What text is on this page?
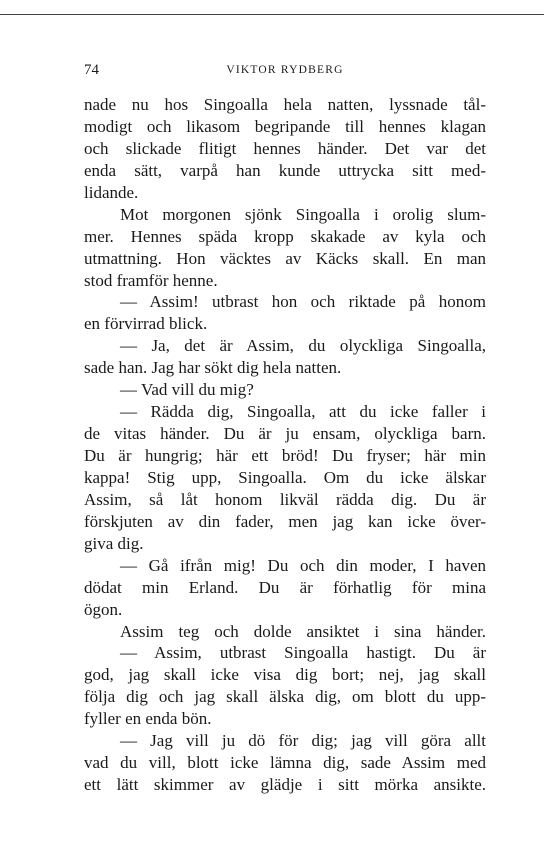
74	VIKTOR RYDBERG
nade nu hos Singoalla hela natten, lyssnade tål-
modigt och likasom begripande till hennes klagan
och slickade flitigt hennes händer. Det var det
enda sätt, varpå han kunde uttrycka sitt med-
lidande.
Mot morgonen sjönk Singoalla i orolig slum-
mer. Hennes späda kropp skakade av kyla och
utmattning. Hon väcktes av Käcks skall. En man
stod framför henne.
— Assim! utbrast hon och riktade på honom
en förvirrad blick.
— Ja, det är Assim, du olyckliga Singoalla,
sade han. Jag har sökt dig hela natten.
— Vad vill du mig?
— Rädda dig, Singoalla, att du icke faller i
de vitas händer. Du är ju ensam, olyckliga barn.
Du är hungrig; här ett bröd! Du fryser; här min
kappa! Stig upp, Singoalla. Om du icke älskar
Assim, så låt honom likväl rädda dig. Du är
förskjuten av din fader, men jag kan icke över-
giva dig.
— Gå ifrån mig! Du och din moder, I haven
dödat min Erland. Du är förhatlig för mina
ögon.
Assim teg och dolde ansiktet i sina händer.
— Assim, utbrast Singoalla hastigt. Du är
god, jag skall icke visa dig bort; nej, jag skall
följa dig och jag skall älska dig, om blott du upp-
fyller en enda bön.
— Jag vill ju dö för dig; jag vill göra allt
vad du vill, blott icke lämna dig, sade Assim med
ett lätt skimmer av glädje i sitt mörka ansikte.
